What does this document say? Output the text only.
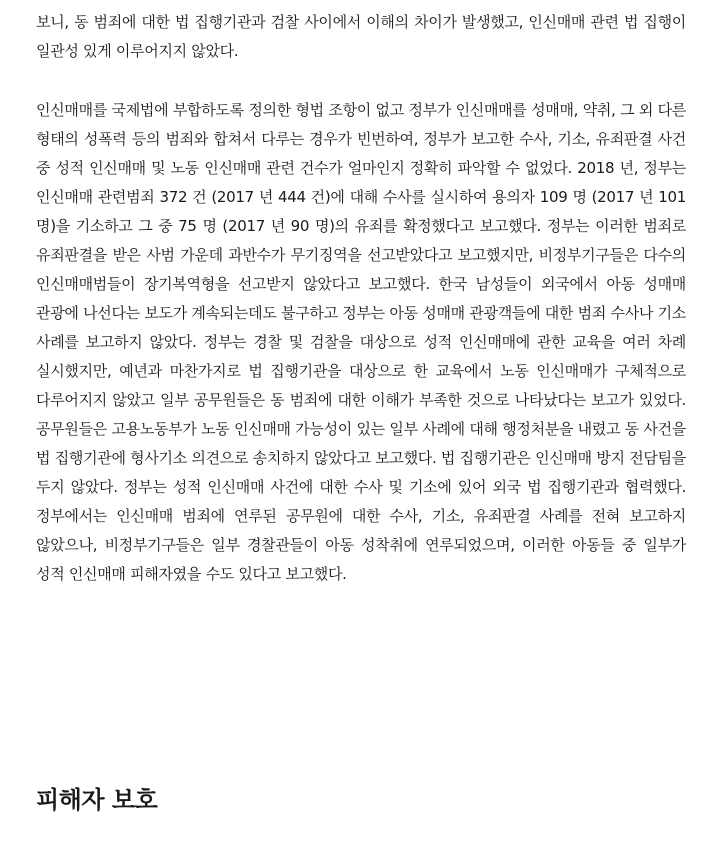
보니, 동 범죄에 대한 법 집행기관과 검찰 사이에서 이해의 차이가 발생했고, 인신매매 관련 법 집행이 일관성 있게 이루어지지 않았다.

인신매매를 국제법에 부합하도록 정의한 형법 조항이 없고 정부가 인신매매를 성매매, 약취, 그 외 다른 형태의 성폭력 등의 범죄와 합쳐서 다루는 경우가 빈번하여, 정부가 보고한 수사, 기소, 유죄판결 사건 중 성적 인신매매 및 노동 인신매매 관련 건수가 얼마인지 정확히 파악할 수 없었다. 2018 년, 정부는 인신매매 관련범죄 372 건 (2017 년 444 건)에 대해 수사를 실시하여 용의자 109 명 (2017 년 101 명)을 기소하고 그 중 75 명 (2017 년 90 명)의 유죄를 확정했다고 보고했다. 정부는 이러한 범죄로 유죄판결을 받은 사범 가운데 과반수가 무기징역을 선고받았다고 보고했지만, 비정부기구들은 다수의 인신매매범들이 장기복역형을 선고받지 않았다고 보고했다. 한국 남성들이 외국에서 아동 성매매 관광에 나선다는 보도가 계속되는데도 불구하고 정부는 아동 성매매 관광객들에 대한 범죄 수사나 기소 사례를 보고하지 않았다. 정부는 경찰 및 검찰을 대상으로 성적 인신매매에 관한 교육을 여러 차례 실시했지만, 예년과 마찬가지로 법 집행기관을 대상으로 한 교육에서 노동 인신매매가 구체적으로 다루어지지 않았고 일부 공무원들은 동 범죄에 대한 이해가 부족한 것으로 나타났다는 보고가 있었다. 공무원들은 고용노동부가 노동 인신매매 가능성이 있는 일부 사례에 대해 행정처분을 내렸고 동 사건을 법 집행기관에 형사기소 의견으로 송치하지 않았다고 보고했다. 법 집행기관은 인신매매 방지 전담팀을 두지 않았다. 정부는 성적 인신매매 사건에 대한 수사 및 기소에 있어 외국 법 집행기관과 협력했다. 정부에서는 인신매매 범죄에 연루된 공무원에 대한 수사, 기소, 유죄판결 사례를 전혀 보고하지 않았으나, 비정부기구들은 일부 경찰관들이 아동 성착취에 연루되었으며, 이러한 아동들 중 일부가 성적 인신매매 피해자였을 수도 있다고 보고했다.

피해자 보호
